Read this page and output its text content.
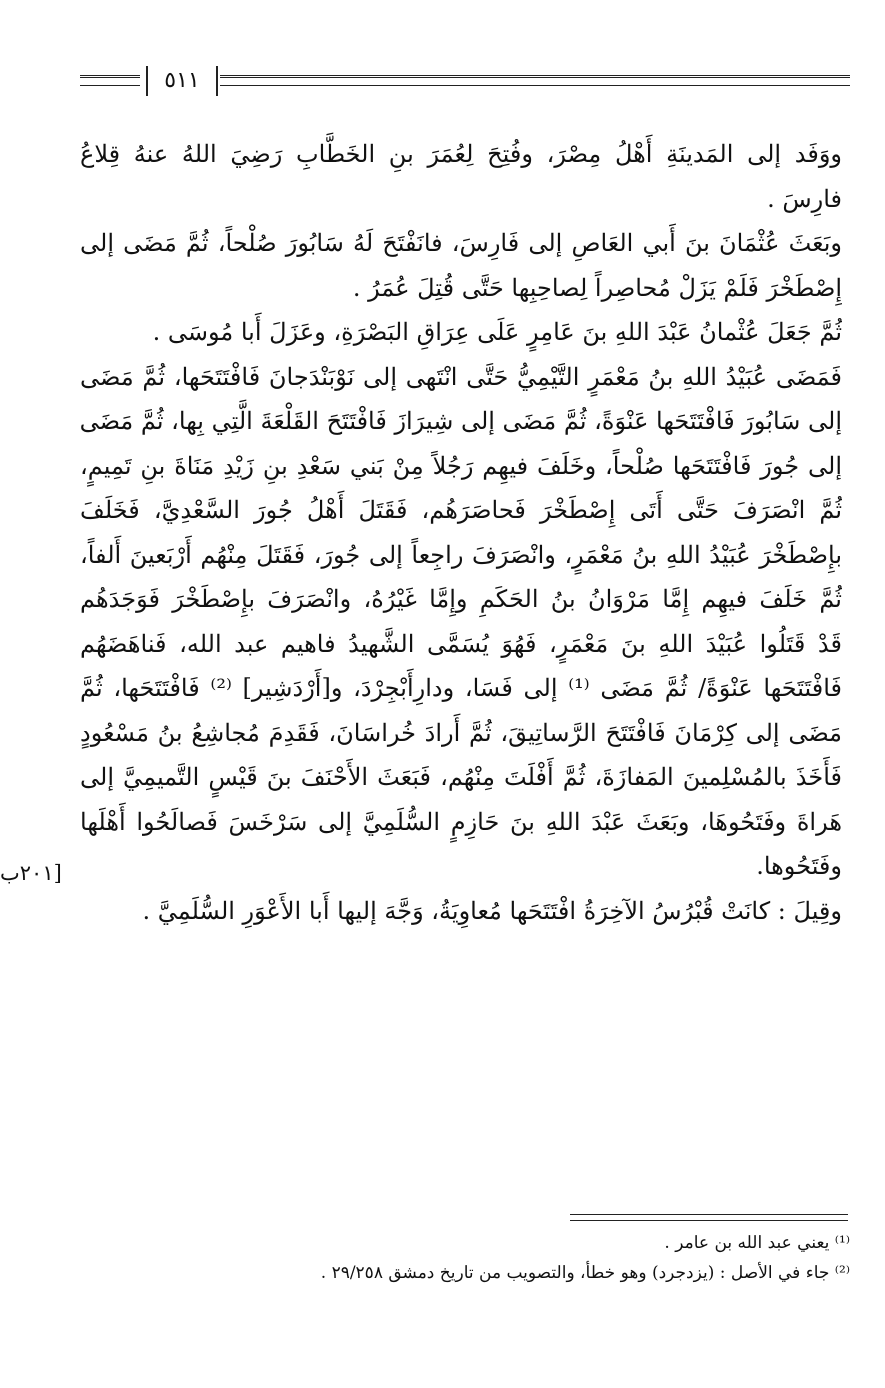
٥١١
ووَفَد إلى المَدينَةِ أَهْلُ مِصْرَ، وفُتِحَ لِعُمَرَ بنِ الخَطَّابِ رَضِيَ اللهُ عنهُ قِلاعُ
فارِسَ .
وبَعَثَ عُثْمَانَ بنَ أَبي العَاصِ إلى فَارِسَ، فانَفْتَحَ لَهُ سَابُورَ صُلْحاً، ثُمَّ مَضَى إلى
إِصْطَخْرَ فَلَمْ يَزَلْ مُحاصِراً لِصاحِبِها حَتَّى قُتِلَ عُمَرُ .
ثُمَّ جَعَلَ عُثْمانُ عَبْدَ اللهِ بنَ عَامِرٍ عَلَى عِرَاقِ البَصْرَةِ، وعَزَلَ أَبا مُوسَى .
فَمَضَى عُبَيْدُ اللهِ بنُ مَعْمَرٍ التَّيْمِيُّ حَتَّى انْتَهى إلى نَوْبَنْدَجانَ فَافْتَتَحَها، ثُمَّ مَضَى
إلى سَابُورَ فَافْتَتَحَها عَنْوَةً، ثُمَّ مَضَى إلى شِيرَازَ فَافْتَتَحَ القَلْعَةَ الَّتِي بِها، ثُمَّ مَضَى
إلى جُورَ فَافْتَتَحَها صُلْحاً، وخَلَفَ فيهِم رَجُلاً مِنْ بَني سَعْدِ بنِ زَيْدِ مَنَاةَ بنِ تَمِيمٍ،
ثُمَّ انْصَرَفَ حَتَّى أَتَى إِصْطَخْرَ فَحاصَرَهُم، فَقَتَلَ أَهْلُ جُورَ السَّعْدِيَّ، فَخَلَفَ
بإِصْطَخْرَ عُبَيْدُ اللهِ بنُ مَعْمَرٍ، وانْصَرَفَ راجِعاً إلى جُورَ، فَقَتَلَ مِنْهُم أَرْبَعينَ أَلفاً،
ثُمَّ خَلَفَ فيهِم إِمَّا مَرْوَانُ بنُ الحَكَمِ وإِمَّا غَيْرُهُ، وانْصَرَفَ بإِصْطَخْرَ فَوَجَدَهُم
قَدْ قَتَلُوا عُبَيْدَ اللهِ بنَ مَعْمَرٍ، فَهُوَ يُسَمَّى الشَّهيدُ فاهيم عبد الله، فَناهَضَهُم
فَافْتَتَحَها عَنْوَةً/ ثُمَّ مَضَى ⁽¹⁾ إلى فَسَا، ودارِأَبْجِرْدَ، و[أَرْدَشِير] ⁽²⁾ فَافْتَتَحَها، ثُمَّ
مَضَى إلى كِرْمَانَ فَافْتَتَحَ الرَّساتِيقَ، ثُمَّ أَرادَ خُراسَانَ، فَقَدِمَ مُجاشِعُ بنُ مَسْعُودٍ
فَأَخَذَ بالمُسْلِمينَ المَفازَةَ، ثُمَّ أَفْلَتَ مِنْهُم، فَبَعَثَ الأَحْنَفَ بنَ قَيْسٍ التَّميمِيَّ إلى
هَراةَ وفَتَحُوهَا، وبَعَثَ عَبْدَ اللهِ بنَ حَازِمٍ السُّلَمِيَّ إلى سَرْخَسَ فَصالَحُوا أَهْلَها
وفَتَحُوها.
وقِيلَ : كانَتْ قُبْرُسُ الآخِرَةُ افْتَتَحَها مُعاوِيَةُ، وَجَّهَ إليها أَبا الأَعْوَرِ السُّلَمِيَّ .
[٢٠١ب
⁽¹⁾ يعني عبد الله بن عامر .
⁽²⁾ جاء في الأصل : (يزدجرد) وهو خطأ، والتصويب من تاريخ دمشق ٢٩/٢٥٨ .
